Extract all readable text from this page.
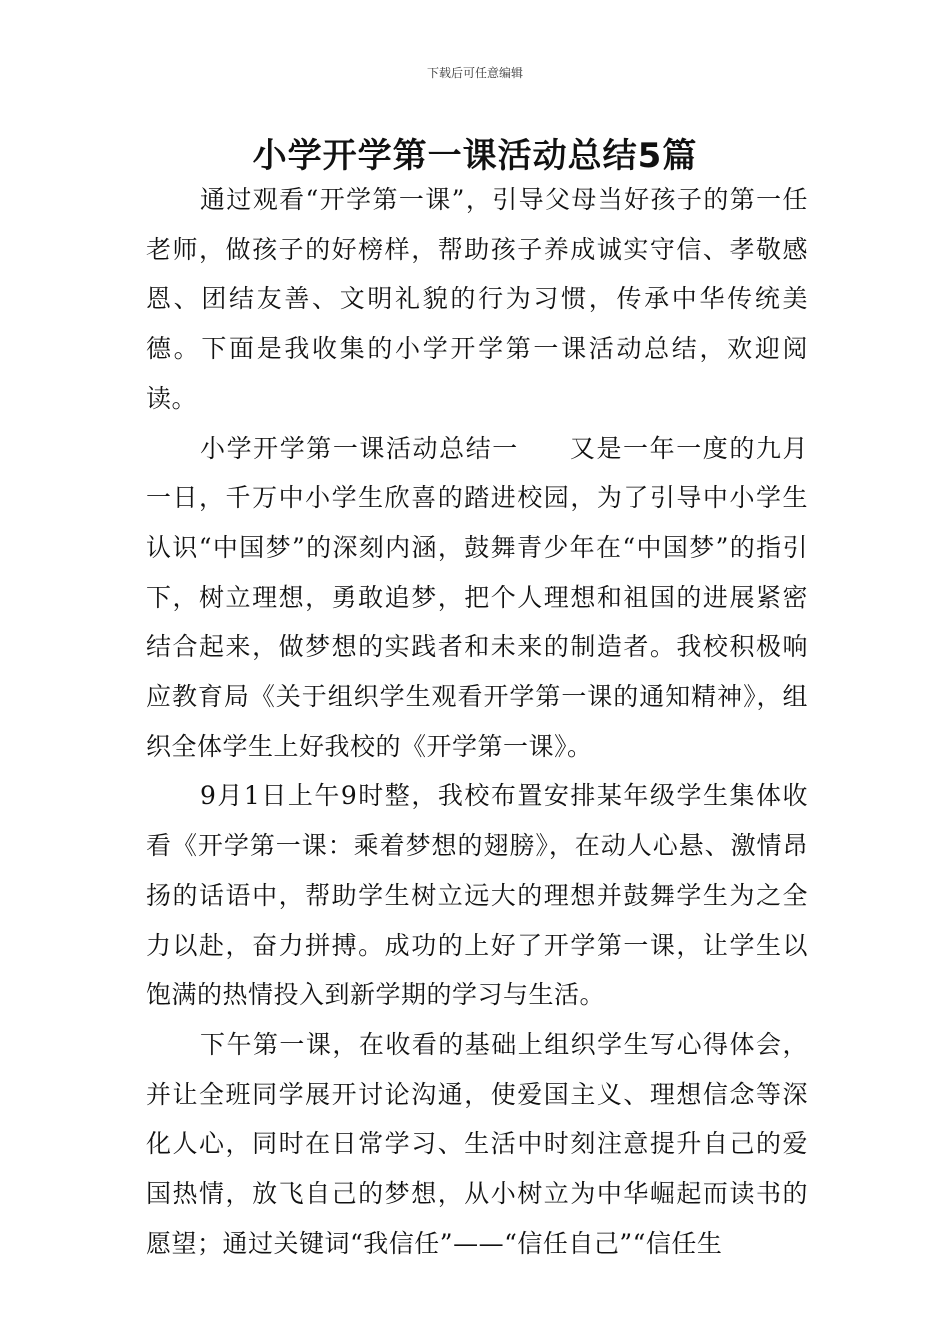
下载后可任意编辑
小学开学第一课活动总结5篇

通过观看“开学第一课”，引导父母当好孩子的第一任老师，做孩子的好榜样，帮助孩子养成诚实守信、孝敬感恩、团结友善、文明礼貌的行为习惯，传承中华传统美德。下面是我收集的小学开学第一课活动总结，欢迎阅读。

小学开学第一课活动总结一 又是一年一度的九月一日，千万中小学生欣喜的踏进校园，为了引导中小学生认识“中国梦”的深刻内涵，鼓舞青少年在“中国梦”的指引下，树立理想，勇敢追梦，把个人理想和祖国的进展紧密结合起来，做梦想的实践者和未来的制造者。我校积极响应教育局《关于组织学生观看开学第一课的通知精神》，组织全体学生上好我校的《开学第一课》。

9月1日上午9时整，我校布置安排某年级学生集体收看《开学第一课：乘着梦想的翅膀》，在动人心悬、激情昂扬的话语中，帮助学生树立远大的理想并鼓舞学生为之全力以赴，奋力拼搏。成功的上好了开学第一课，让学生以饱满的热情投入到新学期的学习与生活。

下午第一课，在收看的基础上组织学生写心得体会，并让全班同学展开讨论沟通，使爱国主义、理想信念等深化人心，同时在日常学习、生活中时刻注意提升自己的爱国热情，放飞自己的梦想，从小树立为中华崛起而读书的愿望；通过关键词“我信任”——“信任自己”“信任生
